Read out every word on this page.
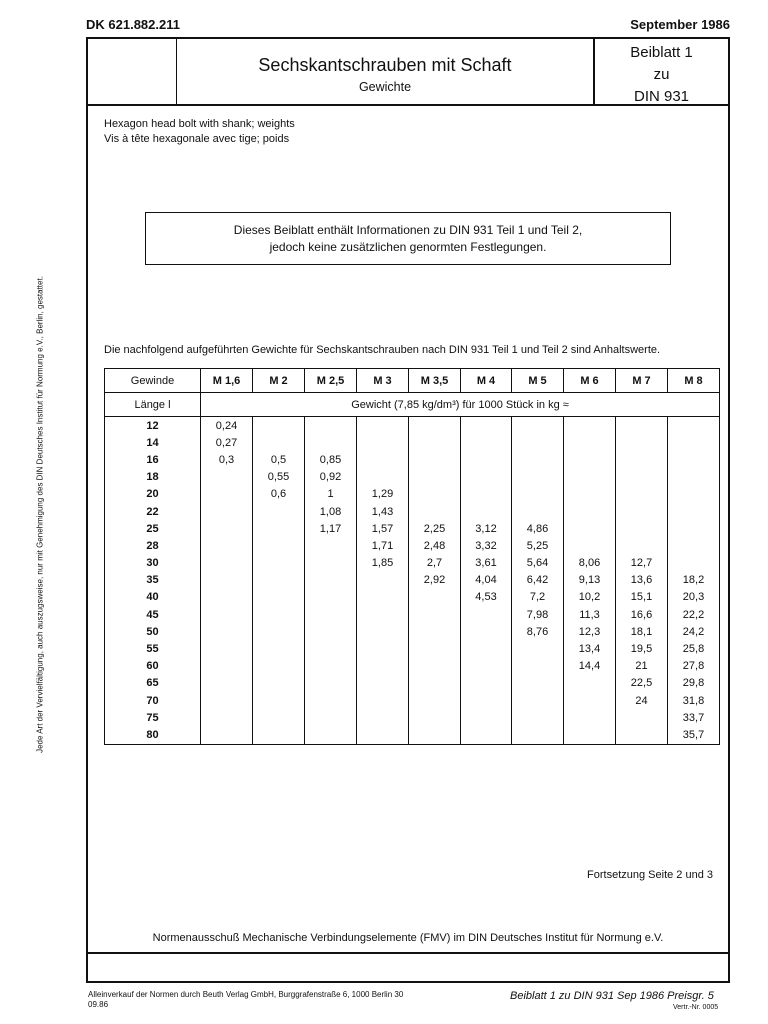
DK 621.882.211	September 1986
Sechskantschrauben mit Schaft
Gewichte
Beiblatt 1
zu
DIN 931
Hexagon head bolt with shank; weights
Vis à tête hexagonale avec tige; poids
Dieses Beiblatt enthält Informationen zu DIN 931 Teil 1 und Teil 2,
jedoch keine zusätzlichen genormten Festlegungen.
Die nachfolgend aufgeführten Gewichte für Sechskantschrauben nach DIN 931 Teil 1 und Teil 2 sind Anhaltswerte.
Gewinde	M 1,6	M 2	M 2,5	M 3	M 3,5	M 4	M 5	M 6	M 7	M 8
Länge l	Gewicht (7,85 kg/dm³) für 1000 Stück in kg ≈									
12	0,24									
14	0,27									
16	0,3	0,5	0,85							
18		0,55	0,92							
20		0,6	1	1,29						
22			1,08	1,43						
25			1,17	1,57	2,25	3,12	4,86			
28				1,71	2,48	3,32	5,25			
30				1,85	2,7	3,61	5,64	8,06	12,7	
35					2,92	4,04	6,42	9,13	13,6	18,2
40						4,53	7,2	10,2	15,1	20,3
45							7,98	11,3	16,6	22,2
50							8,76	12,3	18,1	24,2
55								13,4	19,5	25,8
60								14,4	21	27,8
65									22,5	29,8
70									24	31,8
75										33,7
80										35,7
Fortsetzung Seite 2 und 3
Normenausschuß Mechanische Verbindungselemente (FMV) im DIN Deutsches Institut für Normung e.V.
Jede Art der Vervielfältigung, auch auszugsweise, nur mit Genehmigung des DIN Deutsches Institut für Normung e.V., Berlin, gestattet.
Alleinverkauf der Normen durch Beuth Verlag GmbH, Burggrafenstraße 6, 1000 Berlin 30
09.86
Beiblatt 1 zu DIN 931 Sep 1986 Preisgr. 5
Vertr.-Nr. 0005
